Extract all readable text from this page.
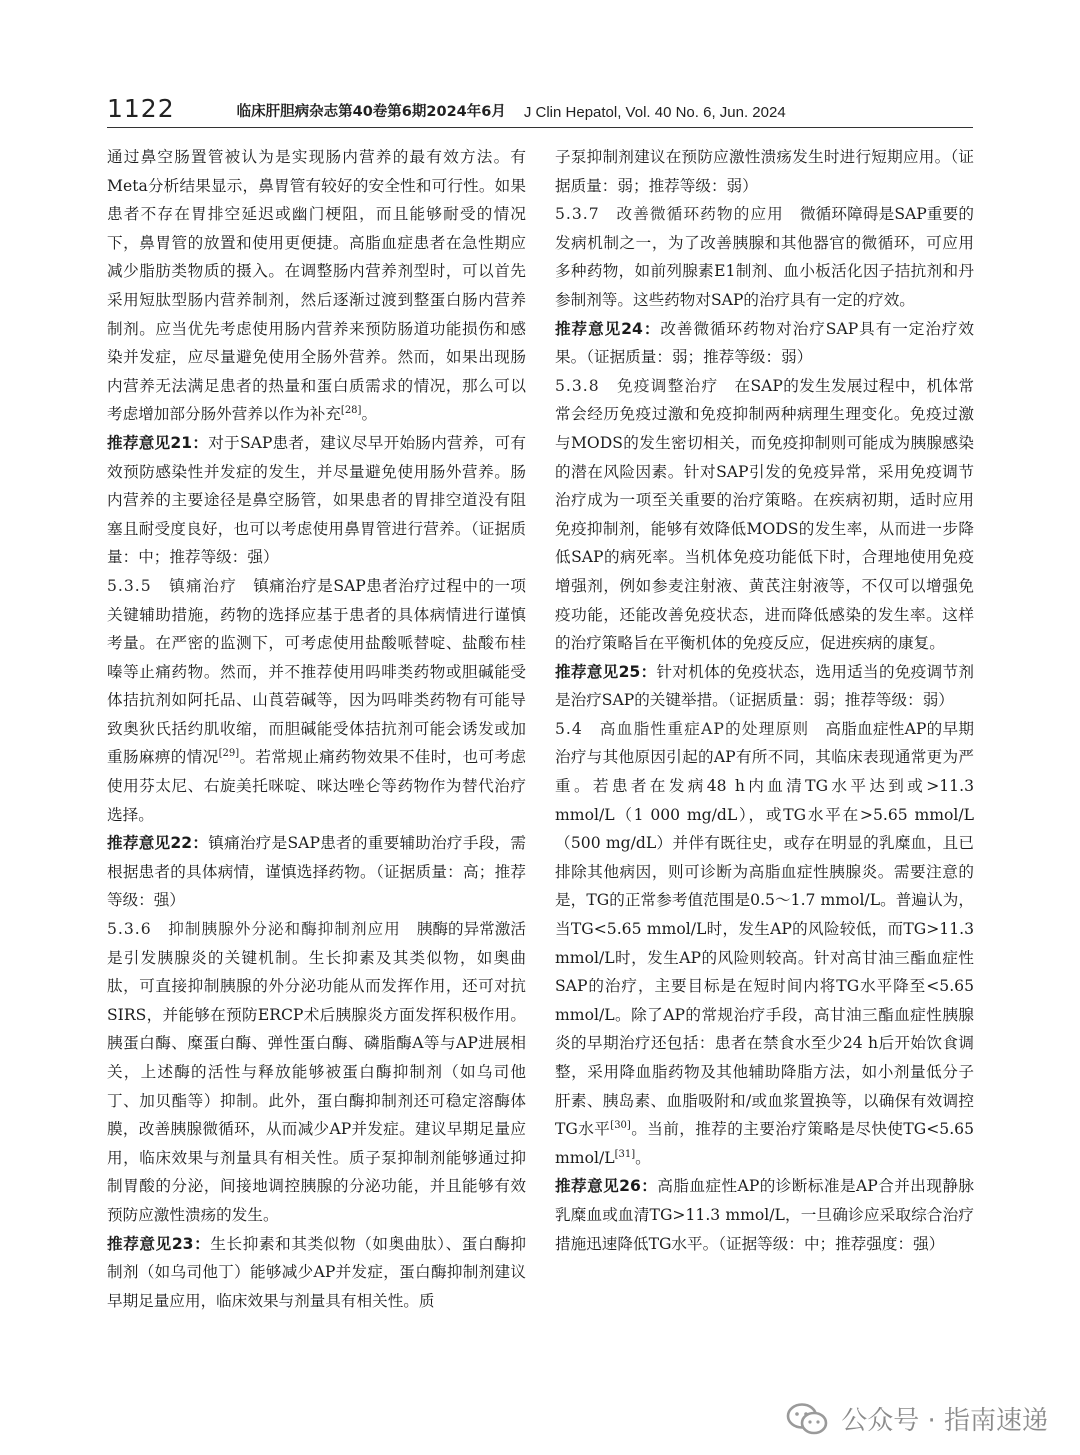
1122	临床肝胆病杂志第40卷第6期2024年6月 J Clin Hepatol, Vol. 40 No. 6, Jun. 2024

通过鼻空肠置管被认为是实现肠内营养的最有效方法。有Meta分析结果显示，鼻胃管有较好的安全性和可行性。如果患者不存在胃排空延迟或幽门梗阻，而且能够耐受的情况下，鼻胃管的放置和使用更便捷。高脂血症患者在急性期应减少脂肪类物质的摄入。在调整肠内营养剂型时，可以首先采用短肽型肠内营养制剂，然后逐渐过渡到整蛋白肠内营养制剂。应当优先考虑使用肠内营养来预防肠道功能损伤和感染并发症，应尽量避免使用全肠外营养。然而，如果出现肠内营养无法满足患者的热量和蛋白质需求的情况，那么可以考虑增加部分肠外营养以作为补充[28]。

推荐意见21：对于SAP患者，建议尽早开始肠内营养，可有效预防感染性并发症的发生，并尽量避免使用肠外营养。肠内营养的主要途径是鼻空肠管，如果患者的胃排空道没有阻塞且耐受度良好，也可以考虑使用鼻胃管进行营养。（证据质量：中；推荐等级：强）

5.3.5　镇痛治疗 镇痛治疗是SAP患者治疗过程中的一项关键辅助措施，药物的选择应基于患者的具体病情进行谨慎考量。在严密的监测下，可考虑使用盐酸哌替啶、盐酸布桂嗪等止痛药物。然而，并不推荐使用吗啡类药物或胆碱能受体拮抗剂如阿托品、山莨菪碱等，因为吗啡类药物有可能导致奥狄氏括约肌收缩，而胆碱能受体拮抗剂可能会诱发或加重肠麻痹的情况[29]。若常规止痛药物效果不佳时，也可考虑使用芬太尼、右旋美托咪啶、咪达唑仑等药物作为替代治疗选择。

推荐意见22：镇痛治疗是SAP患者的重要辅助治疗手段，需根据患者的具体病情，谨慎选择药物。（证据质量：高；推荐等级：强）

5.3.6　抑制胰腺外分泌和酶抑制剂应用 胰酶的异常激活是引发胰腺炎的关键机制。生长抑素及其类似物，如奥曲肽，可直接抑制胰腺的外分泌功能从而发挥作用，还可对抗SIRS，并能够在预防ERCP术后胰腺炎方面发挥积极作用。胰蛋白酶、糜蛋白酶、弹性蛋白酶、磷脂酶A等与AP进展相关，上述酶的活性与释放能够被蛋白酶抑制剂（如乌司他丁、加贝酯等）抑制。此外，蛋白酶抑制剂还可稳定溶酶体膜，改善胰腺微循环，从而减少AP并发症。建议早期足量应用，临床效果与剂量具有相关性。质子泵抑制剂能够通过抑制胃酸的分泌，间接地调控胰腺的分泌功能，并且能够有效预防应激性溃疡的发生。

推荐意见23：生长抑素和其类似物（如奥曲肽）、蛋白酶抑制剂（如乌司他丁）能够减少AP并发症，蛋白酶抑制剂建议早期足量应用，临床效果与剂量具有相关性。质

子泵抑制剂建议在预防应激性溃疡发生时进行短期应用。（证据质量：弱；推荐等级：弱）

5.3.7　改善微循环药物的应用 微循环障碍是SAP重要的发病机制之一，为了改善胰腺和其他器官的微循环，可应用多种药物，如前列腺素E1制剂、血小板活化因子拮抗剂和丹参制剂等。这些药物对SAP的治疗具有一定的疗效。

推荐意见24：改善微循环药物对治疗SAP具有一定治疗效果。（证据质量：弱；推荐等级：弱）

5.3.8　免疫调整治疗 在SAP的发生发展过程中，机体常常会经历免疫过激和免疫抑制两种病理生理变化。免疫过激与MODS的发生密切相关，而免疫抑制则可能成为胰腺感染的潜在风险因素。针对SAP引发的免疫异常，采用免疫调节治疗成为一项至关重要的治疗策略。在疾病初期，适时应用免疫抑制剂，能够有效降低MODS的发生率，从而进一步降低SAP的病死率。当机体免疫功能低下时，合理地使用免疫增强剂，例如参麦注射液、黄芪注射液等，不仅可以增强免疫功能，还能改善免疫状态，进而降低感染的发生率。这样的治疗策略旨在平衡机体的免疫反应，促进疾病的康复。

推荐意见25：针对机体的免疫状态，选用适当的免疫调节剂是治疗SAP的关键举措。（证据质量：弱；推荐等级：弱）

5.4　高血脂性重症AP的处理原则 高脂血症性AP的早期治疗与其他原因引起的AP有所不同，其临床表现通常更为严重。若患者在发病48 h内血清TG水平达到或>11.3 mmol/L（1 000 mg/dL），或TG水平在>5.65 mmol/L（500 mg/dL）并伴有既往史，或存在明显的乳糜血，且已排除其他病因，则可诊断为高脂血症性胰腺炎。需要注意的是，TG的正常参考值范围是0.5～1.7 mmol/L。普遍认为，当TG<5.65 mmol/L时，发生AP的风险较低，而TG>11.3 mmol/L时，发生AP的风险则较高。针对高甘油三酯血症性SAP的治疗，主要目标是在短时间内将TG水平降至<5.65 mmol/L。除了AP的常规治疗手段，高甘油三酯血症性胰腺炎的早期治疗还包括：患者在禁食水至少24 h后开始饮食调整，采用降血脂药物及其他辅助降脂方法，如小剂量低分子肝素、胰岛素、血脂吸附和/或血浆置换等，以确保有效调控TG水平[30]。当前，推荐的主要治疗策略是尽快使TG<5.65 mmol/L[31]。

推荐意见26：高脂血症性AP的诊断标准是AP合并出现静脉乳糜血或血清TG>11.3 mmol/L，一旦确诊应采取综合治疗措施迅速降低TG水平。（证据等级：中；推荐强度：强）

公众号 · 指南速递
